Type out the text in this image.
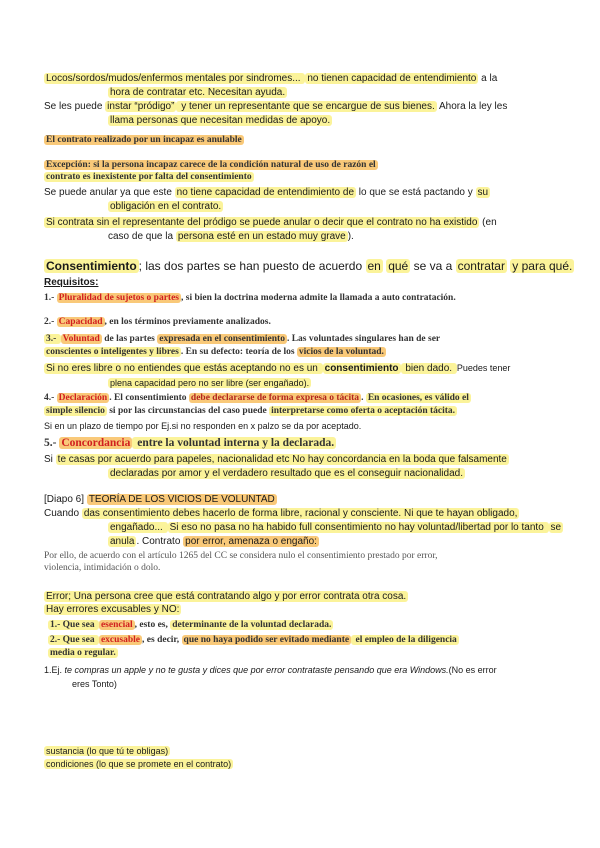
Locos/sordos/mudos/enfermos mentales por sindromes... no tienen capacidad de entendimiento a la
hora de contratar etc. Necesitan ayuda.
Se les puede instar “pródigo” y tener un representante que se encargue de sus bienes. Ahora la ley les
llama personas que necesitan medidas de apoyo.
El contrato realizado por un incapaz es anulable
Excepción: si la persona incapaz carece de la condición natural de uso de razón el
contrato es inexistente por falta del consentimiento
Se puede anular ya que este no tiene capacidad de entendimiento de lo que se está pactando y su
obligación en el contrato.
Si contrata sin el representante del pródigo se puede anular o decir que el contrato no ha existido (en
caso de que la persona esté en un estado muy grave ).
Consentimiento ; las dos partes se han puesto de acuerdo en qué se va a contratar y para qué.
Requisitos:
1.- Pluralidad de sujetos o partes , si bien la doctrina moderna admite la llamada a auto contratación.
2.- Capacidad , en los términos previamente analizados.
3.- Voluntad de las partes expresada en el consentimiento . Las voluntades singulares han de ser
conscientes o inteligentes y libres . En su defecto: teoría de los vicios de la voluntad.
Si no eres libre o no entiendes que estás aceptando no es un consentimiento bien dado. Puedes tener
plena capacidad pero no ser libre (ser engañado).
4.- Declaración . El consentimiento debe declararse de forma expresa o tácita . En ocasiones, es válido el
simple silencio si por las circunstancias del caso puede interpretarse como oferta o aceptación tácita.
Si en un plazo de tiempo por Ej.si no responden en x palzo se da por aceptado.
5.- Concordancia entre la voluntad interna y la declarada.
Si te casas por acuerdo para papeles, nacionalidad etc No hay concordancia en la boda que falsamente
declaradas por amor y el verdadero resultado que es el conseguir nacionalidad.
[Diapo 6] TEORÍA DE LOS VICIOS DE VOLUNTAD
Cuando das consentimiento debes hacerlo de forma libre, racional y consciente. Ni que te hayan obligado,
engañado... Si eso no pasa no ha habido full consentimiento no hay voluntad/libertad por lo tanto se
anula . Contrato por error, amenaza o engaño:
Por ello, de acuerdo con el artículo 1265 del CC se considera nulo el consentimiento prestado por error,
violencia, intimidación o dolo.
Error; Una persona cree que está contratando algo y por error contrata otra cosa.
Hay errores excusables y NO:
1.- Que sea esencial , esto es, determinante de la voluntad declarada.
2.- Que sea excusable , es decir, que no haya podido ser evitado mediante el empleo de la diligencia
media o regular.
1.Ej. te compras un apple y no te gusta y dices que por error contrataste pensando que era Windows.(No es error
eres Tonto)
sustancia (lo que tú te obligas)
condiciones (lo que se promete en el contrato)
